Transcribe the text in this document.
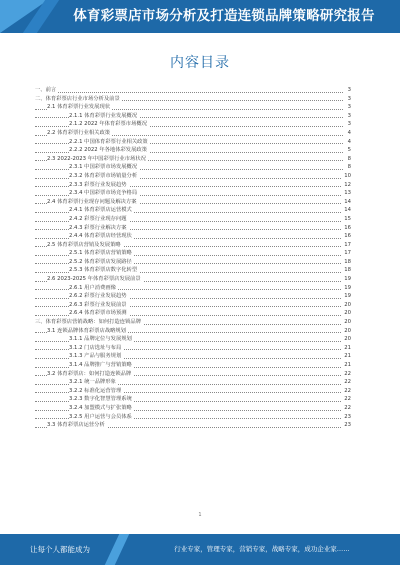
体育彩票店市场分析及打造连锁品牌策略研究报告
内容目录
一、前言	3
二、体育彩票店行业市场分析及前景	3
2.1 体育彩票行业发展现状	3
2.1.1 体育彩票行业发展概况	3
2.1.2 2022 年体育彩票市场概况	3
2.2 体育彩票行业相关政策	4
2.2.1 中国体育彩票行业相关政策	4
2.2.2 2022 年各地体彩发展政策	5
2.3 2022-2023 年中国彩票行业市场状况	8
2.3.1 中国彩票市场发展概况	8
2.3.2 体育彩票市场销量分析	10
2.3.3 彩票行业发展趋势	12
2.3.4 中国彩票市场竞争格局	13
2.4 体育彩票行业现存问题及解决方案	14
2.4.1 体育彩票店运营模式	14
2.4.2 彩票行业现存问题	15
2.4.3 彩票行业解决方案	16
2.4.4 体育彩票店经营现状	16
2.5 体育彩票店营销及发展策略	17
2.5.1 体育彩票店营销策略	17
2.5.2 体育彩票店发展路径	18
2.5.3 体育彩票店数字化转型	18
2.6 2023-2025 年体育彩票店发展前景	19
2.6.1 用户消费画像	19
2.6.2 彩票行业发展趋势	19
2.6.3 彩票行业发展前景	20
2.6.4 体育彩票市场预测	20
三、体育彩票店营销战略：如何打造连锁品牌	20
3.1 连锁品牌体育彩票店战略规划	20
3.1.1 品牌定位与发展规划	20
3.1.2 门店选址与布局	21
3.1.3 产品与服务规划	21
3.1.4 品牌推广与营销策略	21
3.2 体育彩票店：如何打造连锁品牌	22
3.2.1 统一品牌形象	22
3.2.2 标准化运营管理	22
3.2.3 数字化智慧管理系统	22
3.2.4 加盟模式与扩张策略	22
3.2.5 用户运营与会员体系	23
3.3 体育彩票店运营分析	23
1
让每个人都能成为	行业专家，管理专家，营销专家，战略专家，成功企业家……
